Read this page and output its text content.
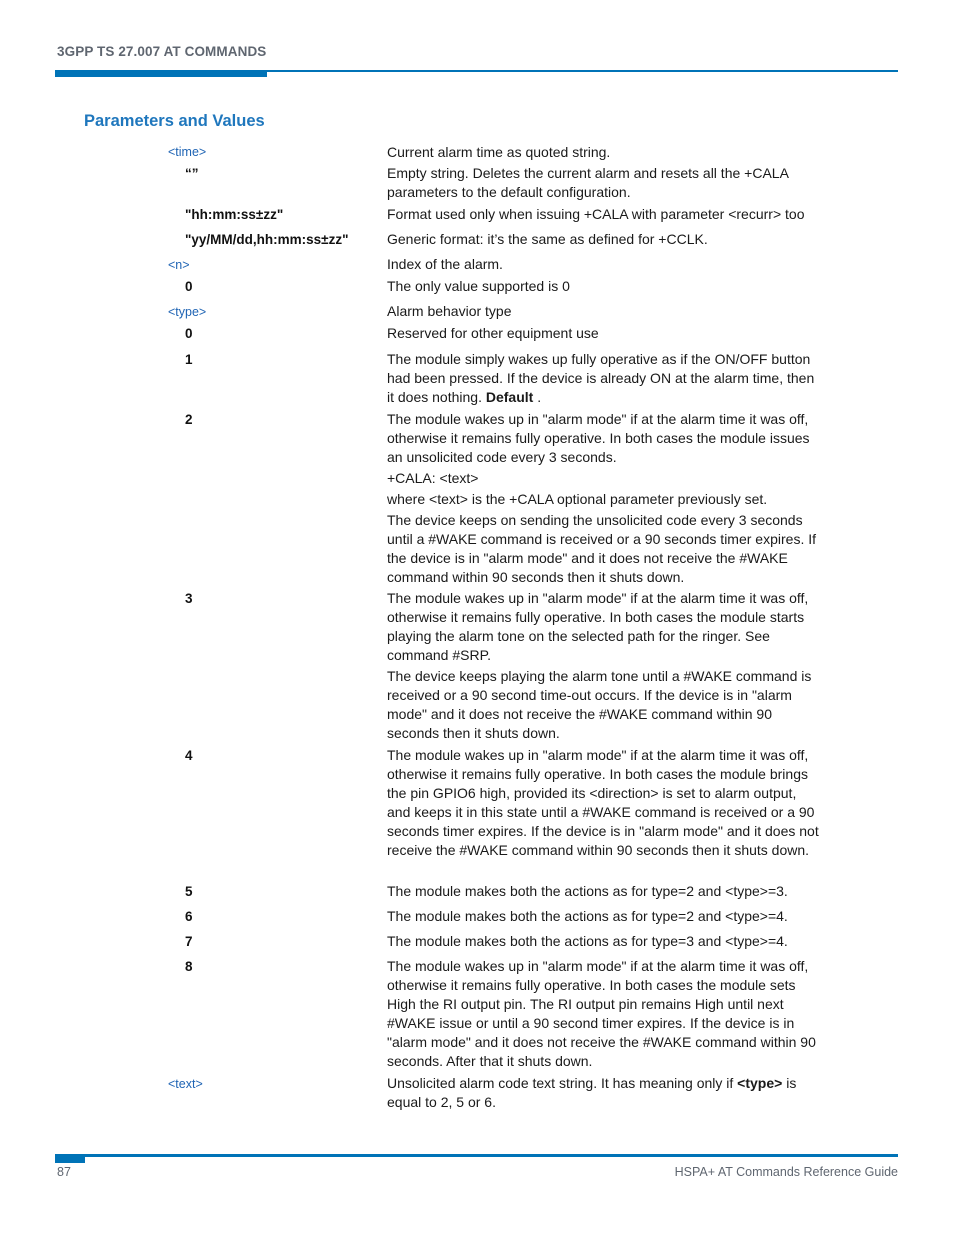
3GPP TS 27.007 AT COMMANDS
Parameters and Values
<time>	Current alarm time as quoted string.
“”	Empty string. Deletes the current alarm and resets all the +CALA parameters to the default configuration.
"hh:mm:ss±zz"	Format used only when issuing +CALA with parameter <recurr> too
"yy/MM/dd,hh:mm:ss±zz"	Generic format: it’s the same as defined for +CCLK.
<n>	Index of the alarm.
0	The only value supported is 0
<type>	Alarm behavior type
0	Reserved for other equipment use
1	The module simply wakes up fully operative as if the ON/OFF button had been pressed. If the device is already ON at the alarm time, then it does nothing. Default .
2	The module wakes up in "alarm mode" if at the alarm time it was off, otherwise it remains fully operative. In both cases the module issues an unsolicited code every 3 seconds.

+CALA: <text>

where <text> is the +CALA optional parameter previously set.

The device keeps on sending the unsolicited code every 3 seconds until a #WAKE command is received or a 90 seconds timer expires. If the device is in "alarm mode" and it does not receive the #WAKE command within 90 seconds then it shuts down.

3	The module wakes up in "alarm mode" if at the alarm time it was off, otherwise it remains fully operative. In both cases the module starts playing the alarm tone on the selected path for the ringer. See command #SRP.

The device keeps playing the alarm tone until a #WAKE command is received or a 90 second time-out occurs. If the device is in "alarm mode" and it does not receive the #WAKE command within 90 seconds then it shuts down.

4	The module wakes up in "alarm mode" if at the alarm time it was off, otherwise it remains fully operative. In both cases the module brings the pin GPIO6 high, provided its <direction> is set to alarm output, and keeps it in this state until a #WAKE command is received or a 90 seconds timer expires. If the device is in "alarm mode" and it does not receive the #WAKE command within 90 seconds then it shuts down.
5	The module makes both the actions as for type=2 and <type>=3.
6	The module makes both the actions as for type=2 and <type>=4.
7	The module makes both the actions as for type=3 and <type>=4.
8	The module wakes up in "alarm mode" if at the alarm time it was off, otherwise it remains fully operative. In both cases the module sets High the RI output pin. The RI output pin remains High until next #WAKE issue or until a 90 second timer expires. If the device is in "alarm mode" and it does not receive the #WAKE command within 90 seconds. After that it shuts down.
<text>	Unsolicited alarm code text string. It has meaning only if <type> is equal to 2, 5 or 6.
87	HSPA+ AT Commands Reference Guide
